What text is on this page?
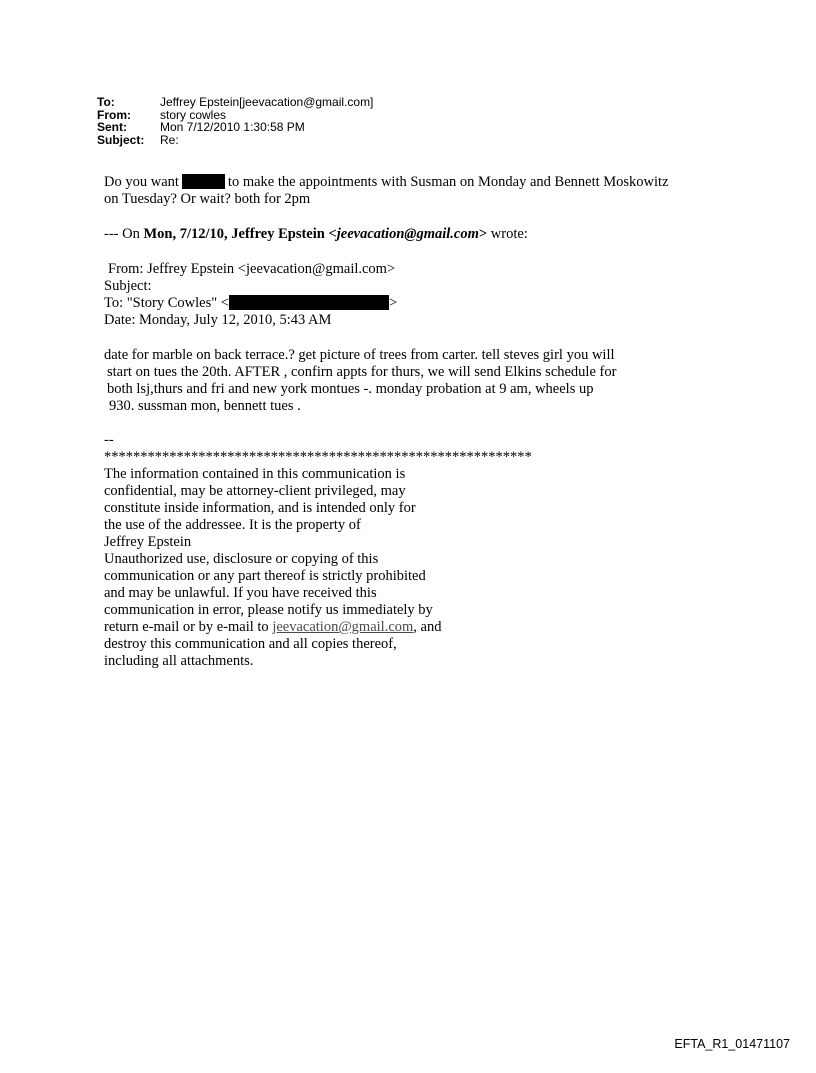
To:	Jeffrey Epstein[jeevacation@gmail.com]
From:	story cowles
Sent:	Mon 7/12/2010 1:30:58 PM
Subject:	Re:

Do you want	to make the appointments with Susman on Monday and Bennett Moskowitz

on Tuesday? Or wait? both for 2pm

--- On Mon, 7/12/10, Jeffrey Epstein <jeevacation@gmail.com> wrote:

From: Jeffrey Epstein <jeevacation@gmail.com>

Subject:

To: "Story Cowles" <	>

Date: Monday, July 12, 2010, 5:43 AM

date for marble on back terrace.? get picture of trees from carter. tell steves girl you will

start on tues the 20th. AFTER , confirn appts for thurs, we will send Elkins schedule for

both lsj,thurs and fri and new york montues -. monday probation at 9 am, wheels up

930. sussman mon, bennett tues .

--

***********************************************************

The information contained in this communication is

confidential, may be attorney-client privileged, may

constitute inside information, and is intended only for

the use of the addressee. It is the property of

Jeffrey Epstein

Unauthorized use, disclosure or copying of this

communication or any part thereof is strictly prohibited

and may be unlawful. If you have received this

communication in error, please notify us immediately by

return e-mail or by e-mail to jeevacation@gmail.com, and

destroy this communication and all copies thereof,

including all attachments.

EFTA_R1_01471107
